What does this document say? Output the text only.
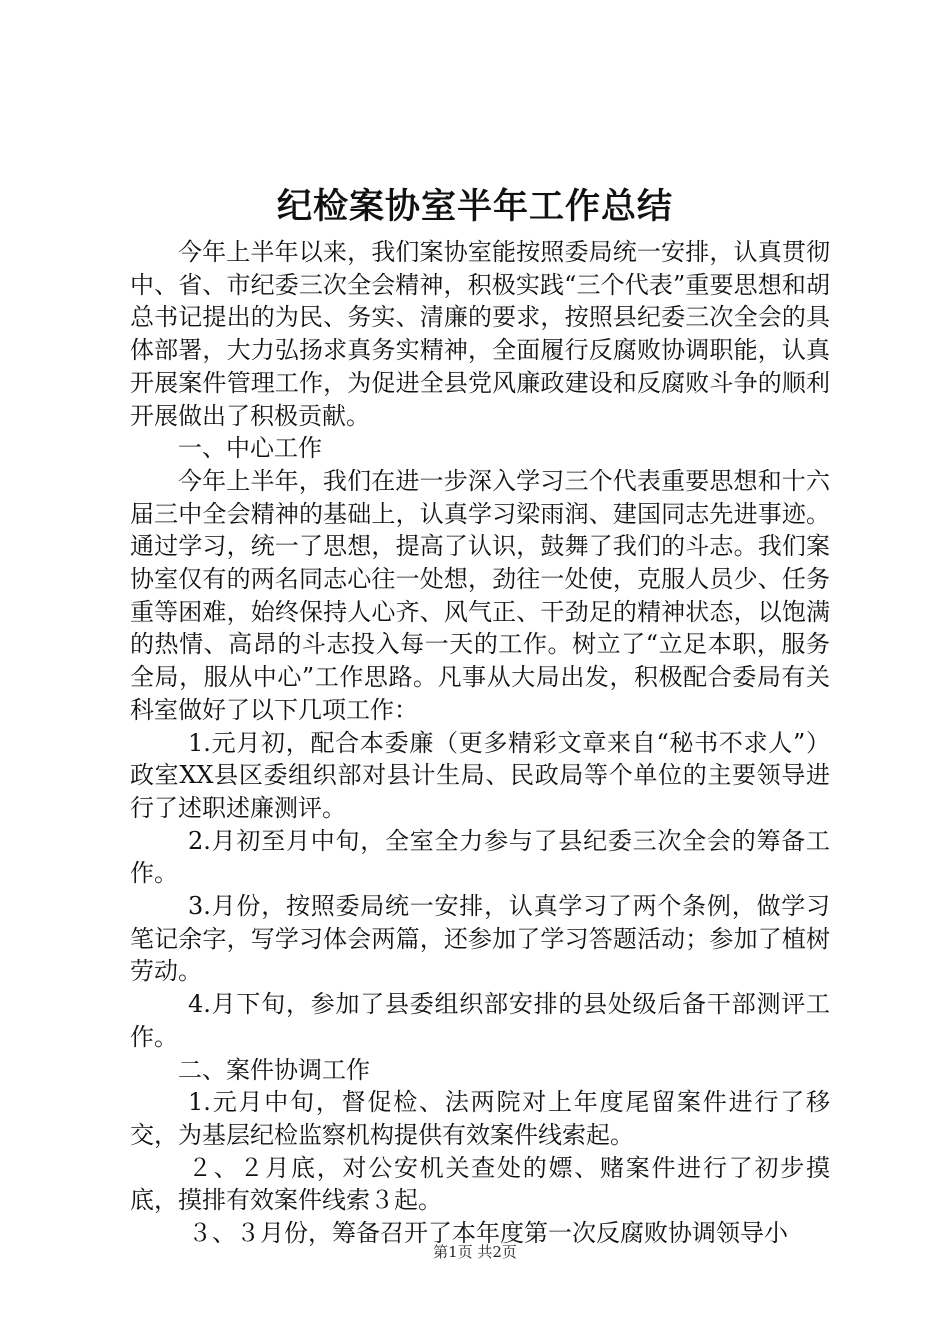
纪检案协室半年工作总结

今年上半年以来，我们案协室能按照委局统一安排，认真贯彻中、省、市纪委三次全会精神，积极实践“三个代表”重要思想和胡总书记提出的为民、务实、清廉的要求，按照县纪委三次全会的具体部署，大力弘扬求真务实精神，全面履行反腐败协调职能，认真开展案件管理工作，为促进全县党风廉政建设和反腐败斗争的顺利开展做出了积极贡献。

一、中心工作

今年上半年，我们在进一步深入学习三个代表重要思想和十六届三中全会精神的基础上，认真学习梁雨润、建国同志先进事迹。通过学习，统一了思想，提高了认识，鼓舞了我们的斗志。我们案协室仅有的两名同志心往一处想，劲往一处使，克服人员少、任务重等困难，始终保持人心齐、风气正、干劲足的精神状态，以饱满的热情、高昂的斗志投入每一天的工作。树立了“立足本职，服务全局，服从中心”工作思路。凡事从大局出发，积极配合委局有关科室做好了以下几项工作：

1.元月初，配合本委廉（更多精彩文章来自“秘书不求人”）政室XX县区委组织部对县计生局、民政局等个单位的主要领导进行了述职述廉测评。

2.月初至月中旬，全室全力参与了县纪委三次全会的筹备工作。

3.月份，按照委局统一安排，认真学习了两个条例，做学习笔记余字，写学习体会两篇，还参加了学习答题活动；参加了植树劳动。

4.月下旬，参加了县委组织部安排的县处级后备干部测评工作。

二、案件协调工作

1.元月中旬，督促检、法两院对上年度尾留案件进行了移交，为基层纪检监察机构提供有效案件线索起。

２、２月底，对公安机关查处的嫖、赌案件进行了初步摸底，摸排有效案件线索３起。

３、３月份，筹备召开了本年度第一次反腐败协调领导小

第1页 共2页
